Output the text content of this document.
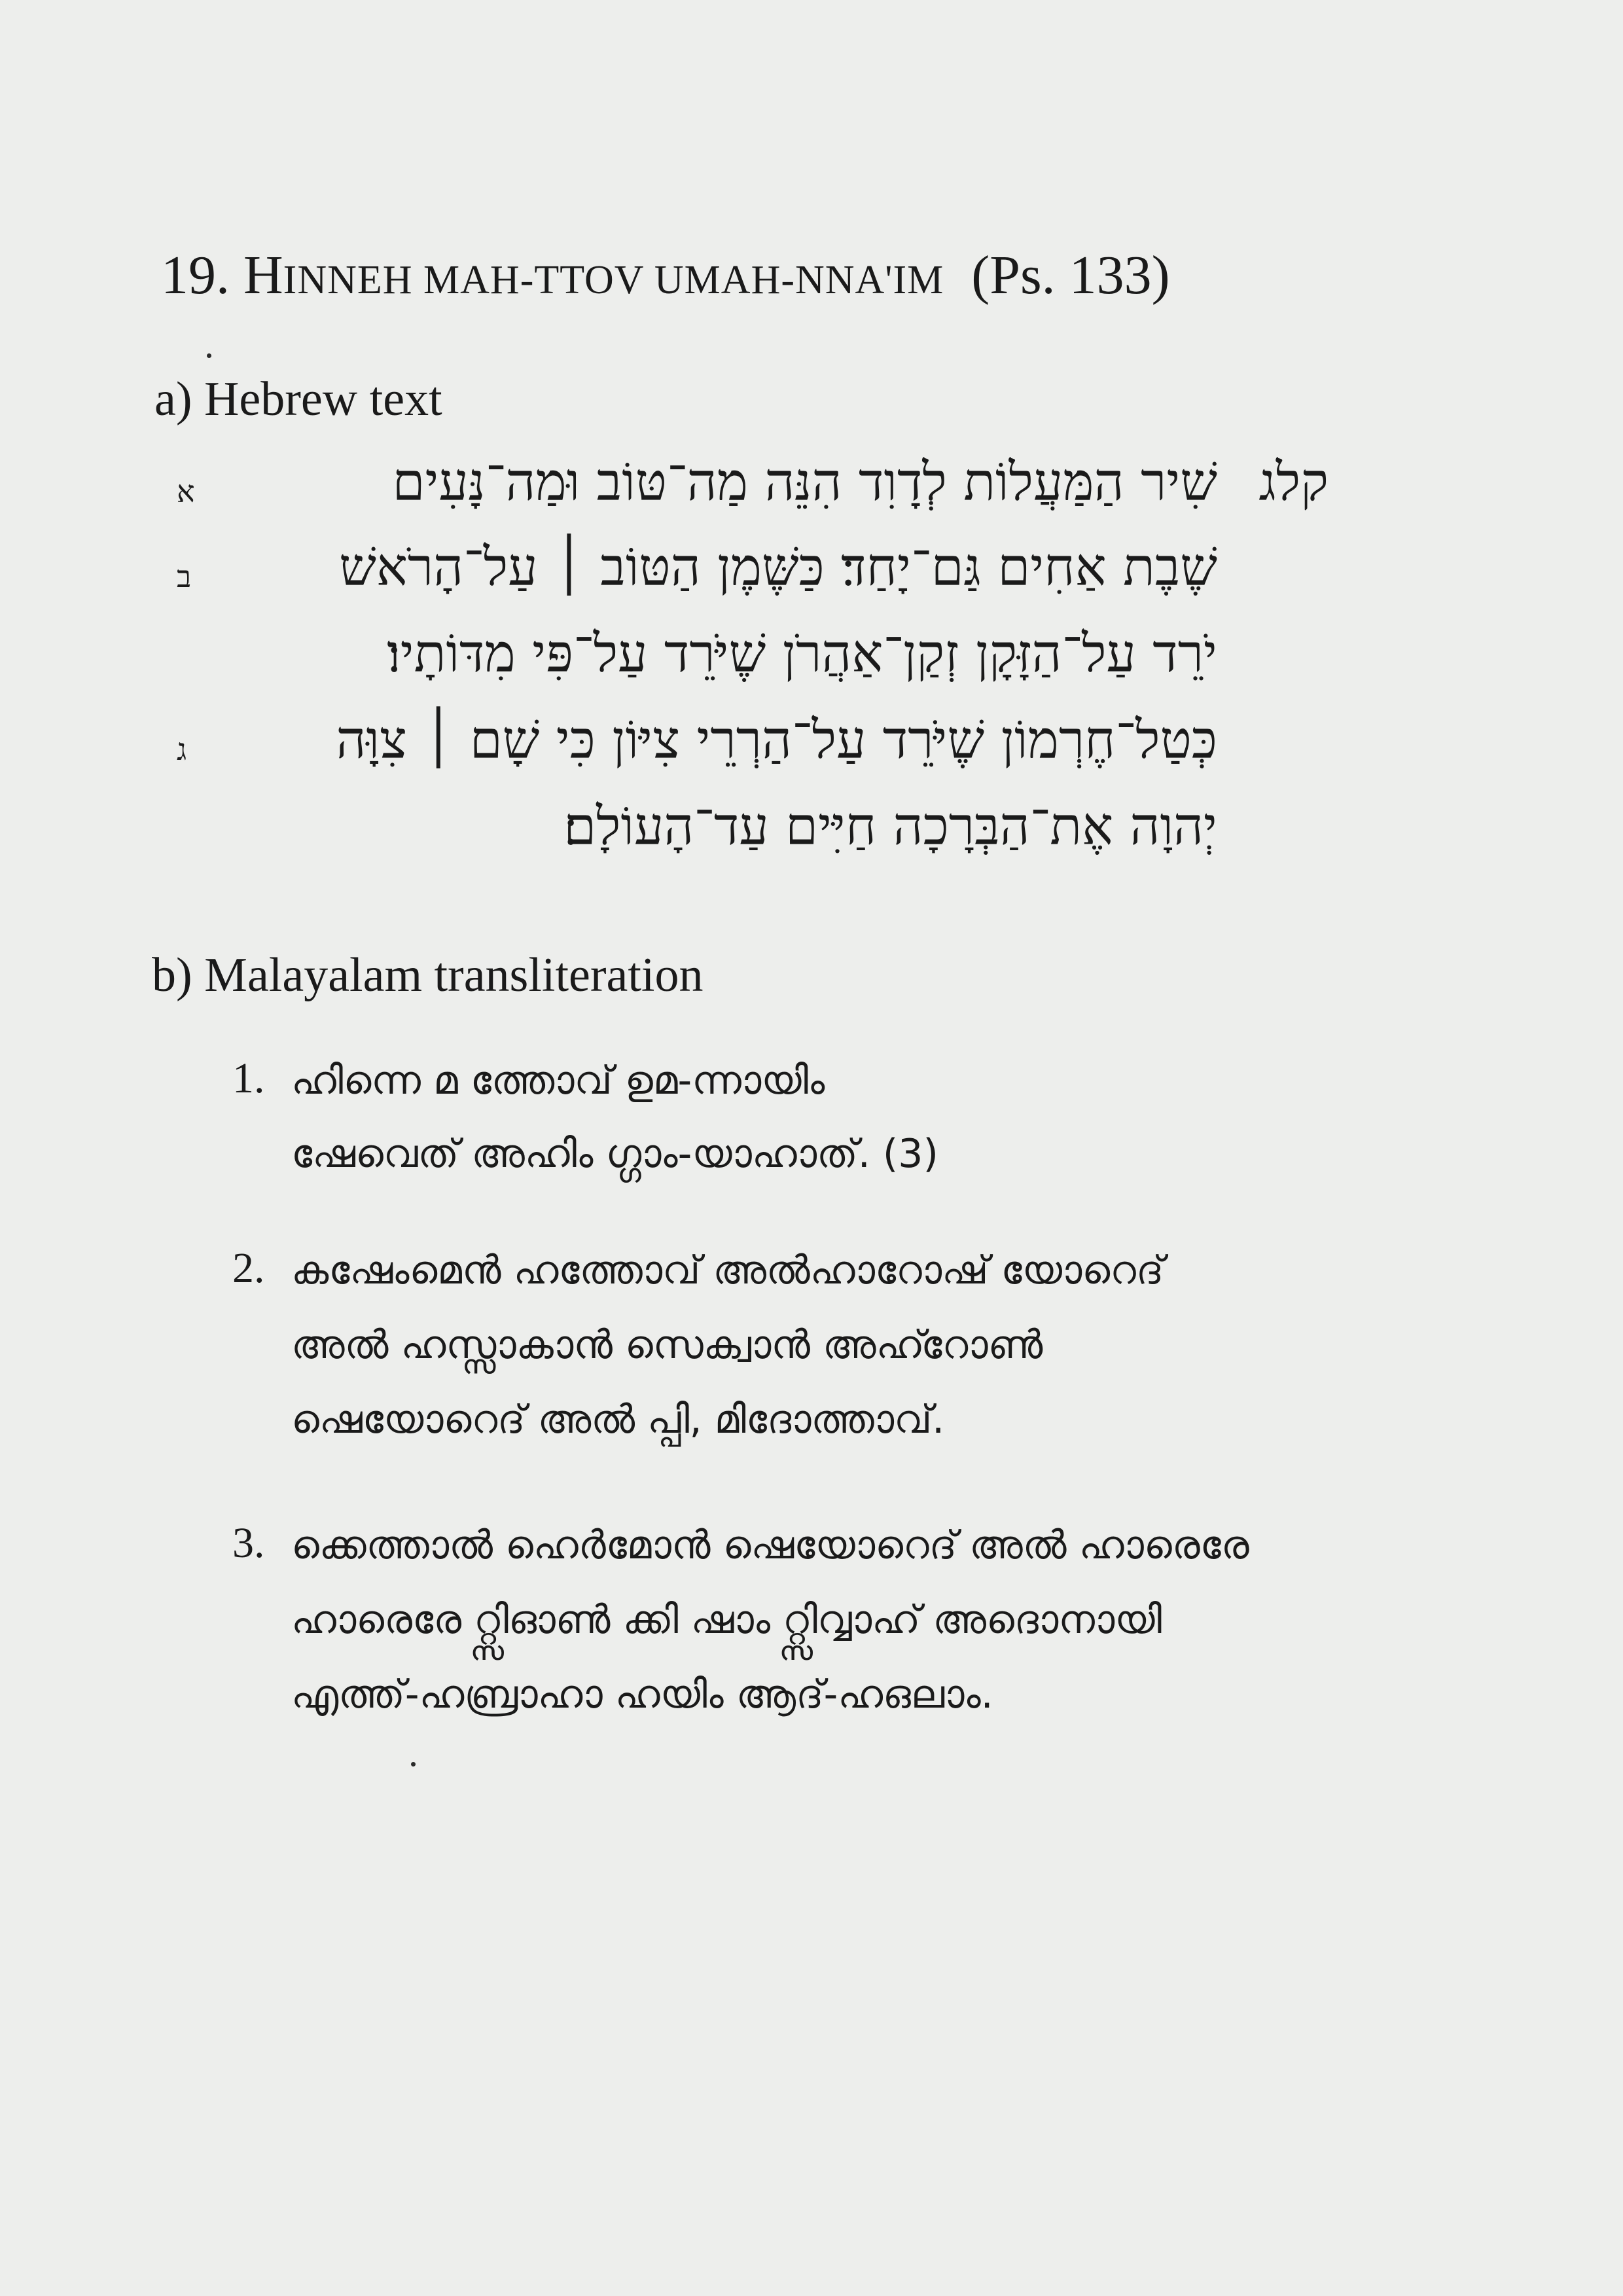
19. HINNEH MAH-TTOV UMAH-NNA'IM (Ps. 133)
a) Hebrew text
קלג
א	שִׁיר הַמַּעֲלוֹת לְדָוִד הִנֵּה מַה־טּוֹב וּמַה־נָּעִים
ב	שֶׁבֶת אַחִים גַּם־יָחַד׃ כַּשֶּׁמֶן הַטּוֹב ׀ עַל־הָרֹאשׁ
יֹרֵד עַל־הַזָּקָן זְקַן־אַהֲרֹן שֶׁיֹּרֵד עַל־פִּי מִדּוֹתָיו׃
ג	כְּטַל־חֶרְמוֹן שֶׁיֹּרֵד עַל־הַרְרֵי צִיּוֹן כִּי שָׁם ׀ צִוָּה
יְהוָה אֶת־הַבְּרָכָה חַיִּים עַד־הָעוֹלָם׃
b) Malayalam transliteration
1. ഹിന്നെ മ ത്തോവ് ഉമ-ന്നായിം
ഷേവെത് അഹിം ഗ്ഗാം-യാഹാത്. (3)
2. കഷേംമെൻ ഹത്തോവ് അൽഹാറോഷ് യോറെദ്
അൽ ഹസ്സാകാൻ സെക്വാൻ അഹ്റോൺ
ഷെയോറെദ് അൽ പ്പി, മിദോത്താവ്.
3. ക്കെത്താൽ ഹെർമോൻ ഷെയോറെദ് അൽ ഹാരെരേ
ഹാരെരേ റ്റ്സിഓൺ ക്കി ഷാം റ്റ്സിവ്വാഹ് അദൊനായി
എത്ത്-ഹബ്രാഹാ ഹയിം ആദ്-ഹഒലാം.
